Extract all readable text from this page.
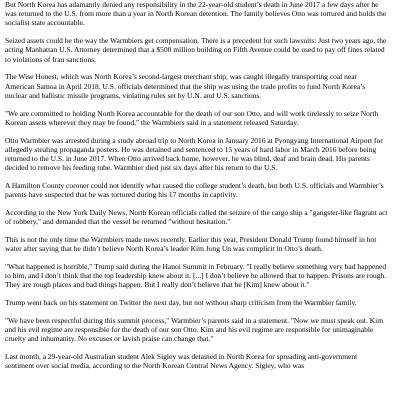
But North Korea has adamantly denied any responsibility in the 22-year-old student’s death in June 2017 a few days after he was returned to the U.S. from more than a year in North Korean detention. The family believes Otto was tortured and holds the socialist state accountable.

Seized assets could be the way the Warmbiers get compensation. There is a precedent for such lawsuits: Just two years ago, the acting Manhattan U.S. Attorney determined that a $500 million building on Fifth Avenue could be used to pay off fines related to violations of Iran sanctions.

The Wise Honest, which was North Korea’s second-largest merchant ship, was caught illegally transporting coal near American Samoa in April 2018. U.S. officials determined that the ship was using the trade profits to fund North Korea’s nuclear and ballistic missile programs, violating rules set by U.N. and U.S. sanctions.

"We are committed to holding North Korea accountable for the death of our son Otto, and will work tirelessly to seize North Korean assets wherever they may be found," the Warmbiers said in a statement released Saturday.

Otto Warmbier was arrested during a study abroad trip to North Korea in January 2016 at Pyongyang International Airport for allegedly stealing propaganda posters. He was detained and sentenced to 15 years of hard labor in March 2016 before being returned to the U.S. in June 2017. When Otto arrived back home, however, he was blind, deaf and brain dead. His parents decided to remove his feeding tube. Warmbier died just six days after his return to the U.S.

A Hamilton County coroner could not identify what caused the college student’s death, but both U.S. officials and Warmbier’s parents have suspected that he was tortured during his 17 months in captivity.

According to the New York Daily News, North Korean officials called the seizure of the cargo ship a "gangster-like flagrant act of robbery," and demanded that the vessel be returned "without hesitation."

This is not the only time the Warmbiers made news recently. Earlier this year, President Donald Trump found himself in hot water after saying that he didn’t believe North Korea’s leader Kim Jong Un was complicit in Otto’s death.

"What happened is horrible," Trump said during the Hanoi Summit in February. "I really believe something very bad happened to him, and I don’t think that the top leadership knew about it. [...] I don’t believe he allowed that to happen. Prisons are rough. They are rough places and bad things happen. But I really don’t believe that he [Kim] knew about it."

Trump went back on his statement on Twitter the next day, but not without sharp criticism from the Warmbier family.

"We have been respectful during this summit process," Warmbier’s parents said in a statement. "Now we must speak out. Kim and his evil regime are responsible for the death of our son Otto. Kim and his evil regime are responsible for unimaginable cruelty and inhumanity. No excuses or lavish praise can change that."

Last month, a 29-year-old Australian student Alek Sigley was detained in North Korea for spreading anti-government sentiment over social media, according to the North Korean Central News Agency. Sigley, who was
